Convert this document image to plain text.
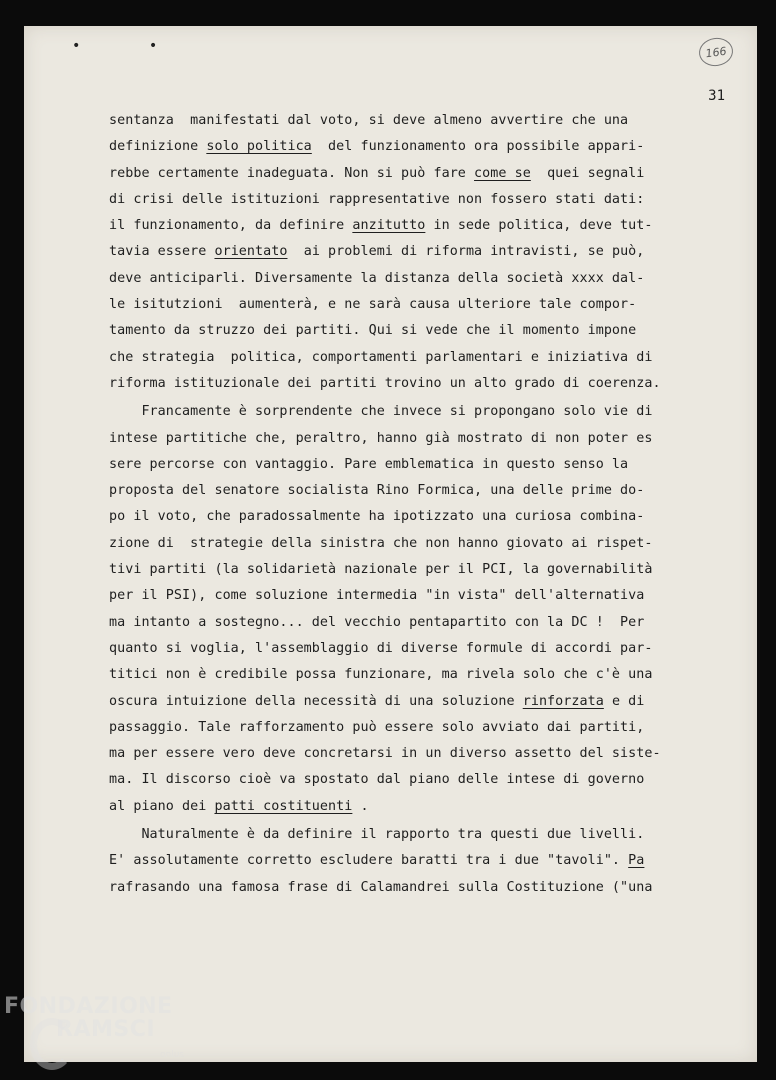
• •	166
31
sentanza  manifestati dal voto, si deve almeno avvertire che una
definizione solo politica  del funzionamento ora possibile appari-
rebbe certamente inadeguata. Non si può fare come se  quei segnali
di crisi delle istituzioni rappresentative non fossero stati dati:
il funzionamento, da definire anzitutto in sede politica, deve tut-
tavia essere orientato  ai problemi di riforma intravisti, se può,
deve anticiparli. Diversamente la distanza della società xxxx dal-
le isitutzioni  aumenterà, e ne sarà causa ulteriore tale compor-
tamento da struzzo dei partiti. Qui si vede che il momento impone
che strategia  politica, comportamenti parlamentari e iniziativa di
riforma istituzionale dei partiti trovino un alto grado di coerenza.
Francamente è sorprendente che invece si propongano solo vie di
intese partitiche che, peraltro, hanno già mostrato di non poter es
sere percorse con vantaggio. Pare emblematica in questo senso la
proposta del senatore socialista Rino Formica, una delle prime do-
po il voto, che paradossalmente ha ipotizzato una curiosa combina-
zione di  strategie della sinistra che non hanno giovato ai rispet-
tivi partiti (la solidarietà nazionale per il PCI, la governabilità
per il PSI), come soluzione intermedia "in vista" dell'alternativa
ma intanto a sostegno... del vecchio pentapartito con la DC !  Per
quanto si voglia, l'assemblaggio di diverse formule di accordi par-
titici non è credibile possa funzionare, ma rivela solo che c'è una
oscura intuizione della necessità di una soluzione rinforzata e di
passaggio. Tale rafforzamento può essere solo avviato dai partiti,
ma per essere vero deve concretarsi in un diverso assetto del siste-
ma. Il discorso cioè va spostato dal piano delle intese di governo
al piano dei patti costituenti .
Naturalmente è da definire il rapporto tra questi due livelli.
E' assolutamente corretto escludere baratti tra i due "tavoli". Pa
rafrasando una famosa frase di Calamandrei sulla Costituzione ("una
FONDAZIONE
RAMSCI
onlus
